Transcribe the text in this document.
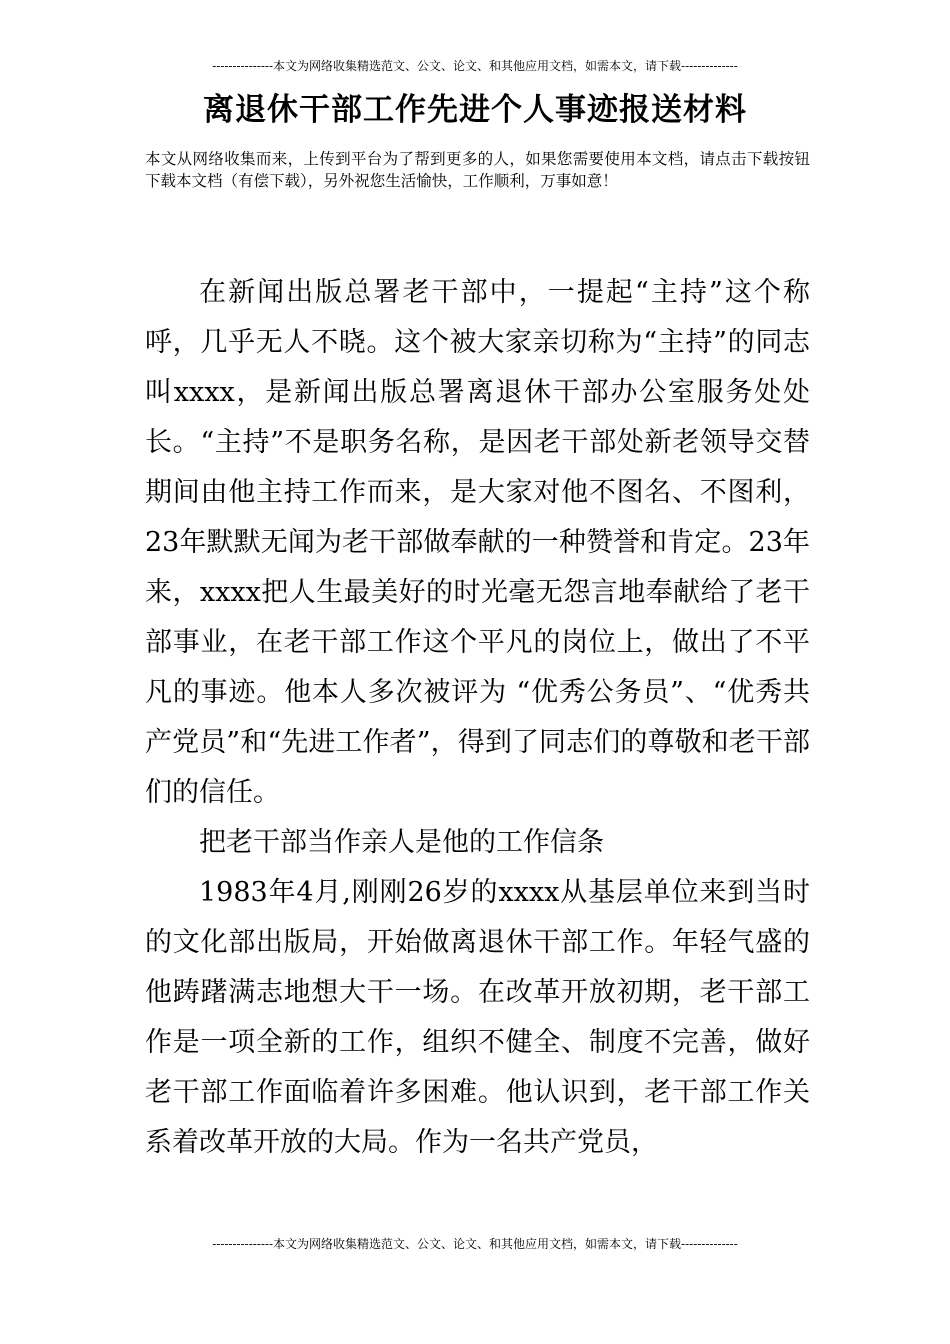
---------------本文为网络收集精选范文、公文、论文、和其他应用文档，如需本文，请下载--------------
离退休干部工作先进个人事迹报送材料
本文从网络收集而来，上传到平台为了帮到更多的人，如果您需要使用本文档，请点击下载按钮下载本文档（有偿下载），另外祝您生活愉快，工作顺利，万事如意！

在新闻出版总署老干部中，一提起“主持”这个称呼，几乎无人不晓。这个被大家亲切称为“主持”的同志叫xxxx，是新闻出版总署离退休干部办公室服务处处长。“主持”不是职务名称，是因老干部处新老领导交替期间由他主持工作而来，是大家对他不图名、不图利，23年默默无闻为老干部做奉献的一种赞誉和肯定。23年来，xxxx把人生最美好的时光毫无怨言地奉献给了老干部事业，在老干部工作这个平凡的岗位上，做出了不平凡的事迹。他本人多次被评为 “优秀公务员”、“优秀共产党员”和“先进工作者”，得到了同志们的尊敬和老干部们的信任。

把老干部当作亲人是他的工作信条

1983年4月,刚刚26岁的xxxx从基层单位来到当时的文化部出版局，开始做离退休干部工作。年轻气盛的他踌躇满志地想大干一场。在改革开放初期，老干部工作是一项全新的工作，组织不健全、制度不完善，做好老干部工作面临着许多困难。他认识到，老干部工作关系着改革开放的大局。作为一名共产党员，

---------------本文为网络收集精选范文、公文、论文、和其他应用文档，如需本文，请下载--------------
